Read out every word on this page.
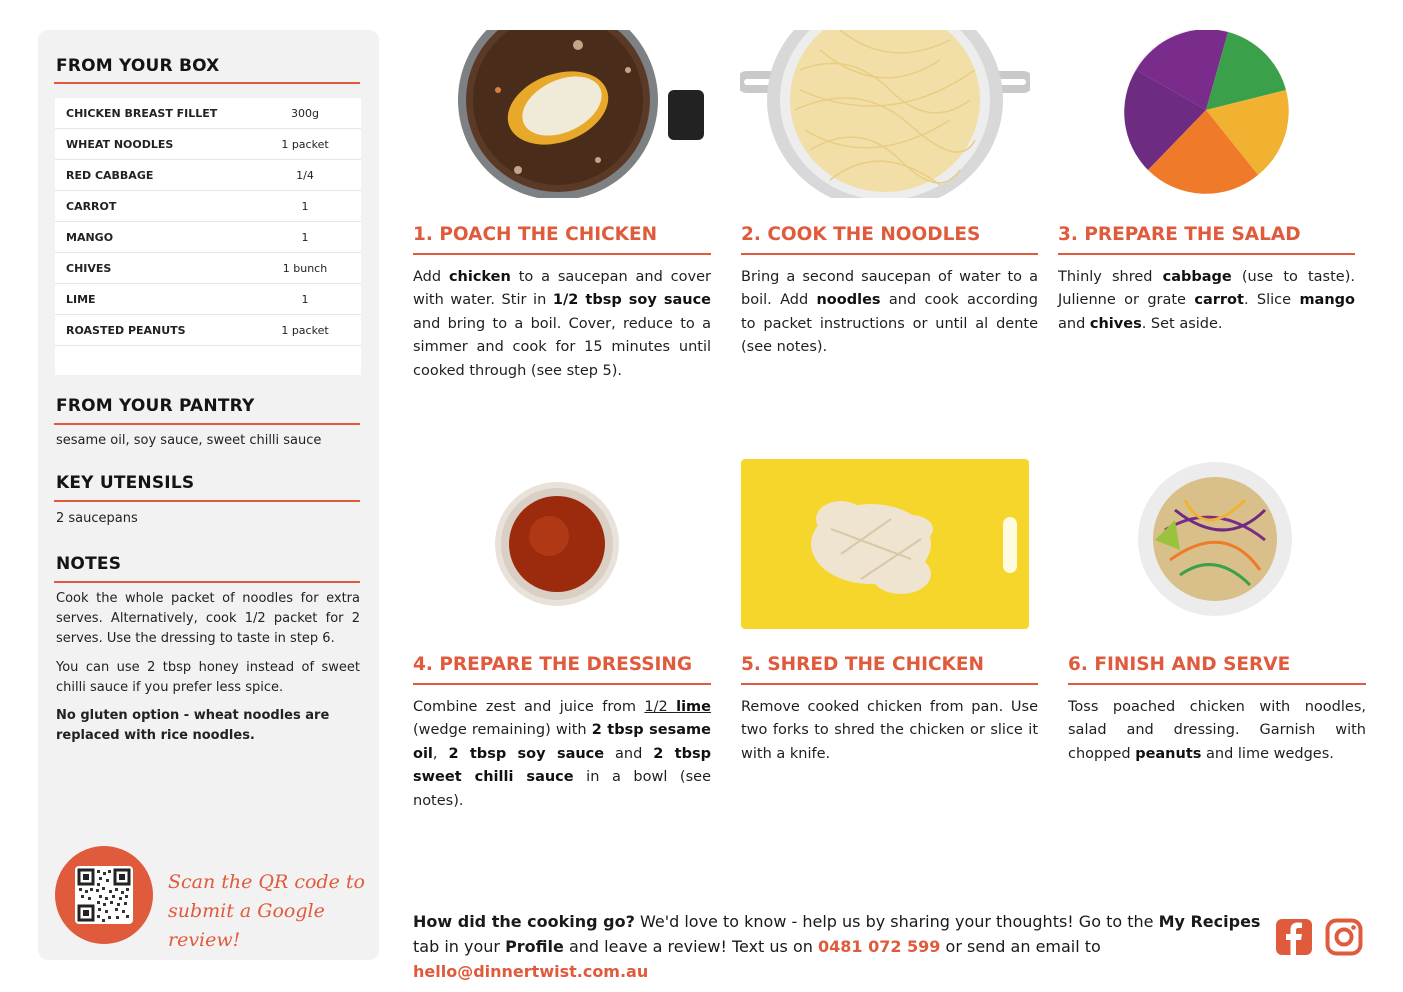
FROM YOUR BOX
CHICKEN BREAST FILLET	300g
WHEAT NOODLES	1 packet
RED CABBAGE	1/4
CARROT	1
MANGO	1
CHIVES	1 bunch
LIME	1
ROASTED PEANUTS	1 packet
FROM YOUR PANTRY
sesame oil, soy sauce, sweet chilli sauce
KEY UTENSILS
2 saucepans
NOTES
Cook the whole packet of noodles for extra serves. Alternatively, cook 1/2 packet for 2 serves. Use the dressing to taste in step 6.
You can use 2 tbsp honey instead of sweet chilli sauce if you prefer less spice.
No gluten option - wheat noodles are replaced with rice noodles.
Scan the QR code to
submit a Google review!
1. POACH THE CHICKEN
Add chicken to a saucepan and cover with water. Stir in 1/2 tbsp soy sauce and bring to a boil. Cover, reduce to a simmer and cook for 15 minutes until cooked through (see step 5).
2. COOK THE NOODLES
Bring a second saucepan of water to a boil. Add noodles and cook according to packet instructions or until al dente (see notes).
3. PREPARE THE SALAD
Thinly shred cabbage (use to taste). Julienne or grate carrot. Slice mango and chives. Set aside.
4. PREPARE THE DRESSING
Combine zest and juice from 1/2 lime (wedge remaining) with 2 tbsp sesame oil, 2 tbsp soy sauce and 2 tbsp sweet chilli sauce in a bowl (see notes).
5. SHRED THE CHICKEN
Remove cooked chicken from pan. Use two forks to shred the chicken or slice it with a knife.
6. FINISH AND SERVE
Toss poached chicken with noodles, salad and dressing. Garnish with chopped peanuts and lime wedges.
How did the cooking go? We'd love to know - help us by sharing your thoughts! Go to the My Recipes tab in your Profile and leave a review! Text us on 0481 072 599 or send an email to hello@dinnertwist.com.au
